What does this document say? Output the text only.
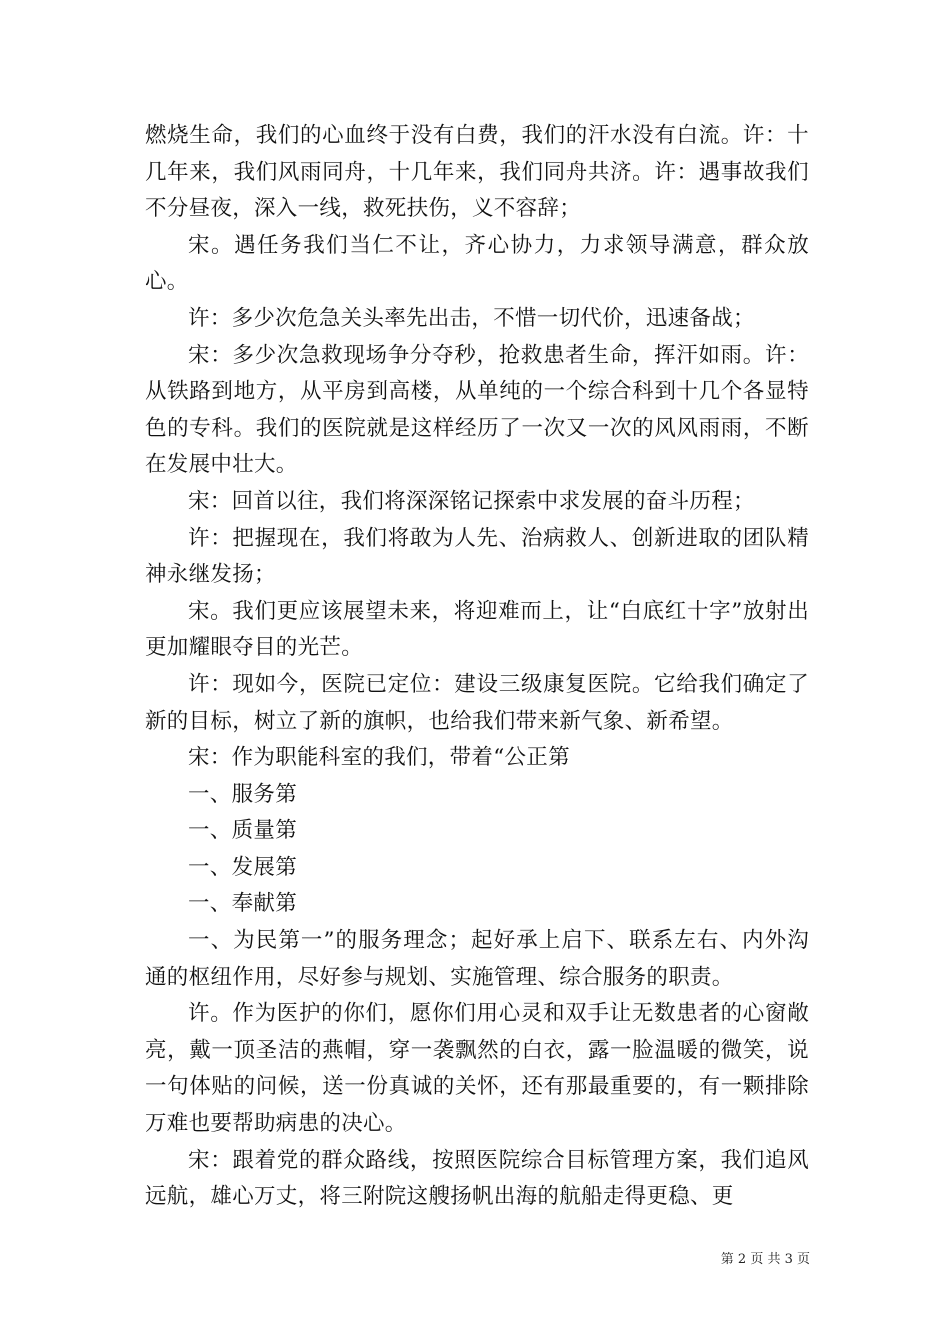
燃烧生命，我们的心血终于没有白费，我们的汗水没有白流。许：十几年来，我们风雨同舟，十几年来，我们同舟共济。许：遇事故我们不分昼夜，深入一线，救死扶伤，义不容辞；

宋。遇任务我们当仁不让，齐心协力，力求领导满意，群众放心。

许：多少次危急关头率先出击，不惜一切代价，迅速备战；

宋：多少次急救现场争分夺秒，抢救患者生命，挥汗如雨。许：从铁路到地方，从平房到高楼，从单纯的一个综合科到十几个各显特色的专科。我们的医院就是这样经历了一次又一次的风风雨雨，不断在发展中壮大。

宋：回首以往，我们将深深铭记探索中求发展的奋斗历程；

许：把握现在，我们将敢为人先、治病救人、创新进取的团队精神永继发扬；

宋。我们更应该展望未来，将迎难而上，让“白底红十字”放射出更加耀眼夺目的光芒。

许：现如今，医院已定位：建设三级康复医院。它给我们确定了新的目标，树立了新的旗帜，也给我们带来新气象、新希望。

宋：作为职能科室的我们，带着“公正第

一、服务第

一、质量第

一、发展第

一、奉献第

一、为民第一”的服务理念；起好承上启下、联系左右、内外沟通的枢纽作用，尽好参与规划、实施管理、综合服务的职责。

许。作为医护的你们，愿你们用心灵和双手让无数患者的心窗敞亮，戴一顶圣洁的燕帽，穿一袭飘然的白衣，露一脸温暖的微笑，说一句体贴的问候，送一份真诚的关怀，还有那最重要的，有一颗排除万难也要帮助病患的决心。

宋：跟着党的群众路线，按照医院综合目标管理方案，我们追风远航，雄心万丈，将三附院这艘扬帆出海的航船走得更稳、更

第 2 页 共 3 页
